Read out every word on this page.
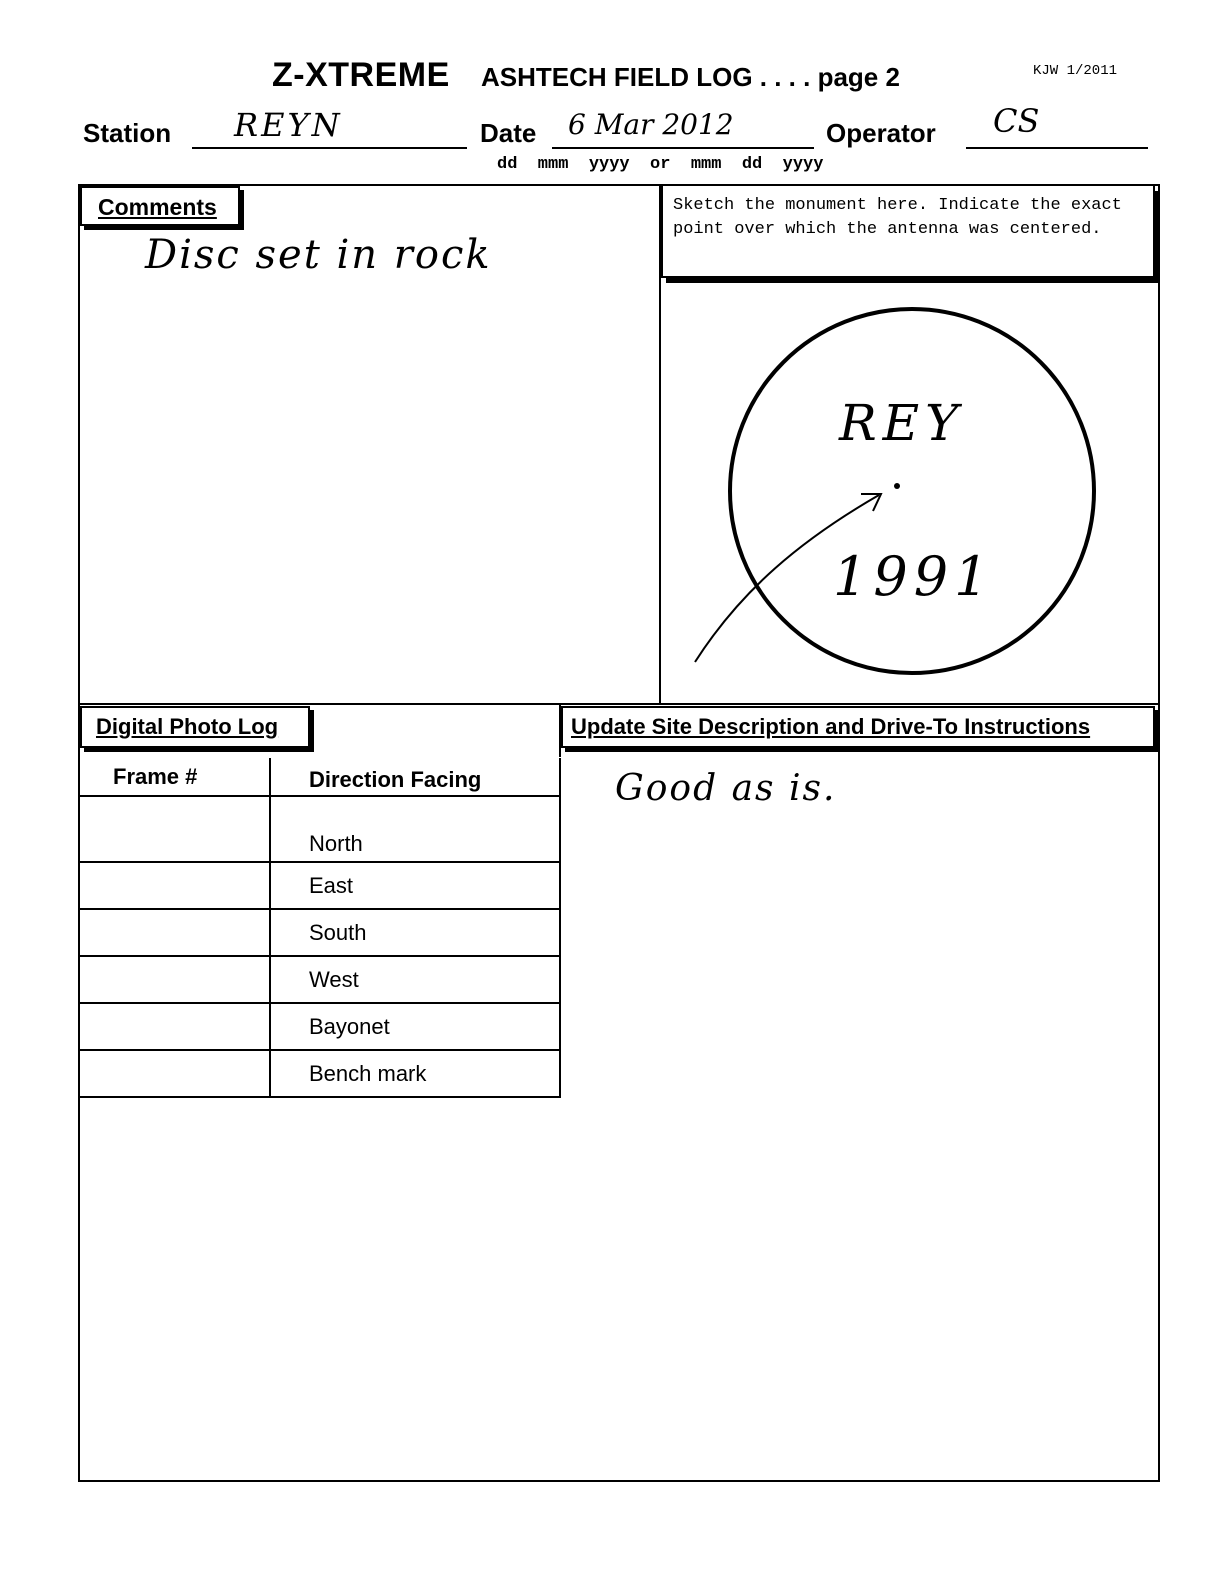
Z-XTREME ASHTECH FIELD LOG . . . . page 2	KJW 1/2011
Station REYN	Date 6 Mar 2012	Operator CS
dd  mmm  yyyy  or  mmm  dd  yyyy
Comments
Disc set in rock
Sketch the monument here. Indicate the exact point over which the antenna was centered.
REY
1991
Digital Photo Log
Frame #	Direction Facing
	North
	East
	South
	West
	Bayonet
	Bench mark
Update Site Description and Drive-To Instructions
Good as is.
